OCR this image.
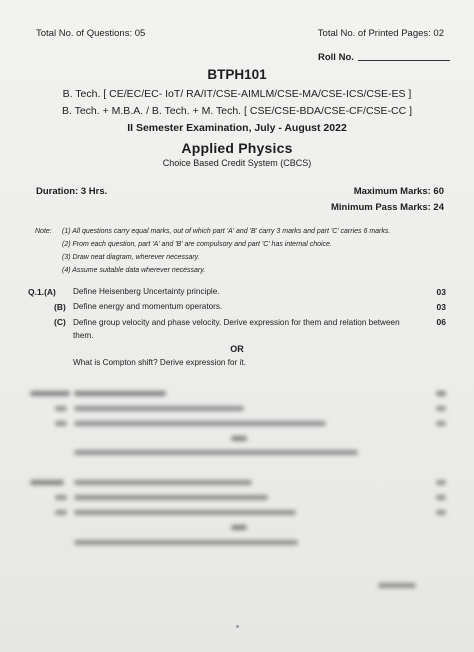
Total No. of Questions: 05	Total No. of Printed Pages: 02
Roll No.
BTPH101
B. Tech. [ CE/EC/EC- IoT/ RA/IT/CSE-AIMLM/CSE-MA/CSE-ICS/CSE-ES ]
B. Tech. + M.B.A. / B. Tech. + M. Tech. [ CSE/CSE-BDA/CSE-CF/CSE-CC ]
II Semester Examination, July - August 2022
Applied Physics
Choice Based Credit System (CBCS)
Duration: 3 Hrs.	Maximum Marks: 60
Minimum Pass Marks: 24
Note: (1) All questions carry equal marks, out of which part 'A' and 'B' carry 3 marks and part 'C' carries 6 marks.
(2) From each question, part 'A' and 'B' are compulsory and part 'C' has internal choice.
(3) Draw neat diagram, wherever necessary.
(4) Assume suitable data wherever necessary.
Q.1.(A) Define Heisenberg Uncertainty principle.	03
(B) Define energy and momentum operators.	03
(C) Define group velocity and phase velocity. Derive expression for them and relation between them.
06
OR
What is Compton shift? Derive expression for it.
